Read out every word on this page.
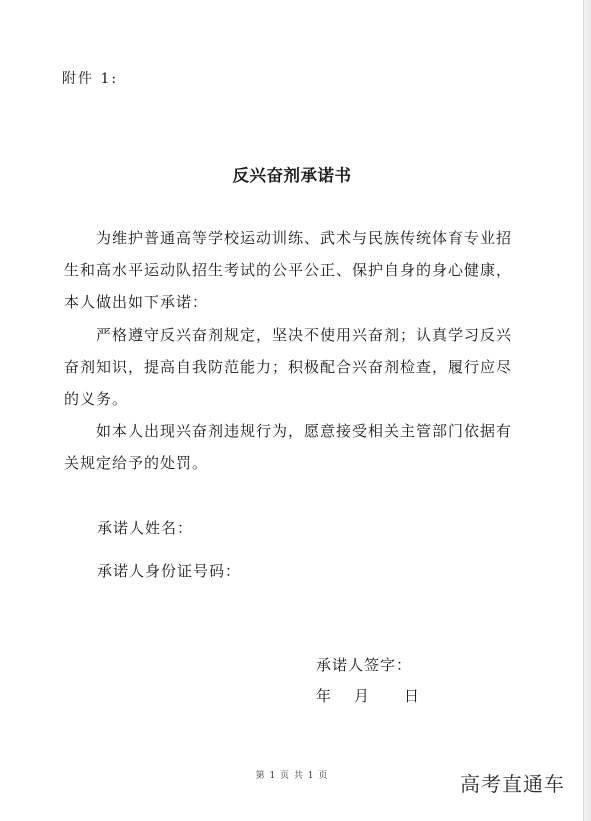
附件 1:
反兴奋剂承诺书

为维护普通高等学校运动训练、武术与民族传统体育专业招生和高水平运动队招生考试的公平公正、保护自身的身心健康，本人做出如下承诺：

严格遵守反兴奋剂规定，坚决不使用兴奋剂；认真学习反兴奋剂知识，提高自我防范能力；积极配合兴奋剂检查，履行应尽的义务。

如本人出现兴奋剂违规行为，愿意接受相关主管部门依据有关规定给予的处罚。

承诺人姓名：
承诺人身份证号码：
承诺人签字：
年 月 日
第 1 页 共 1 页	高考直通车
